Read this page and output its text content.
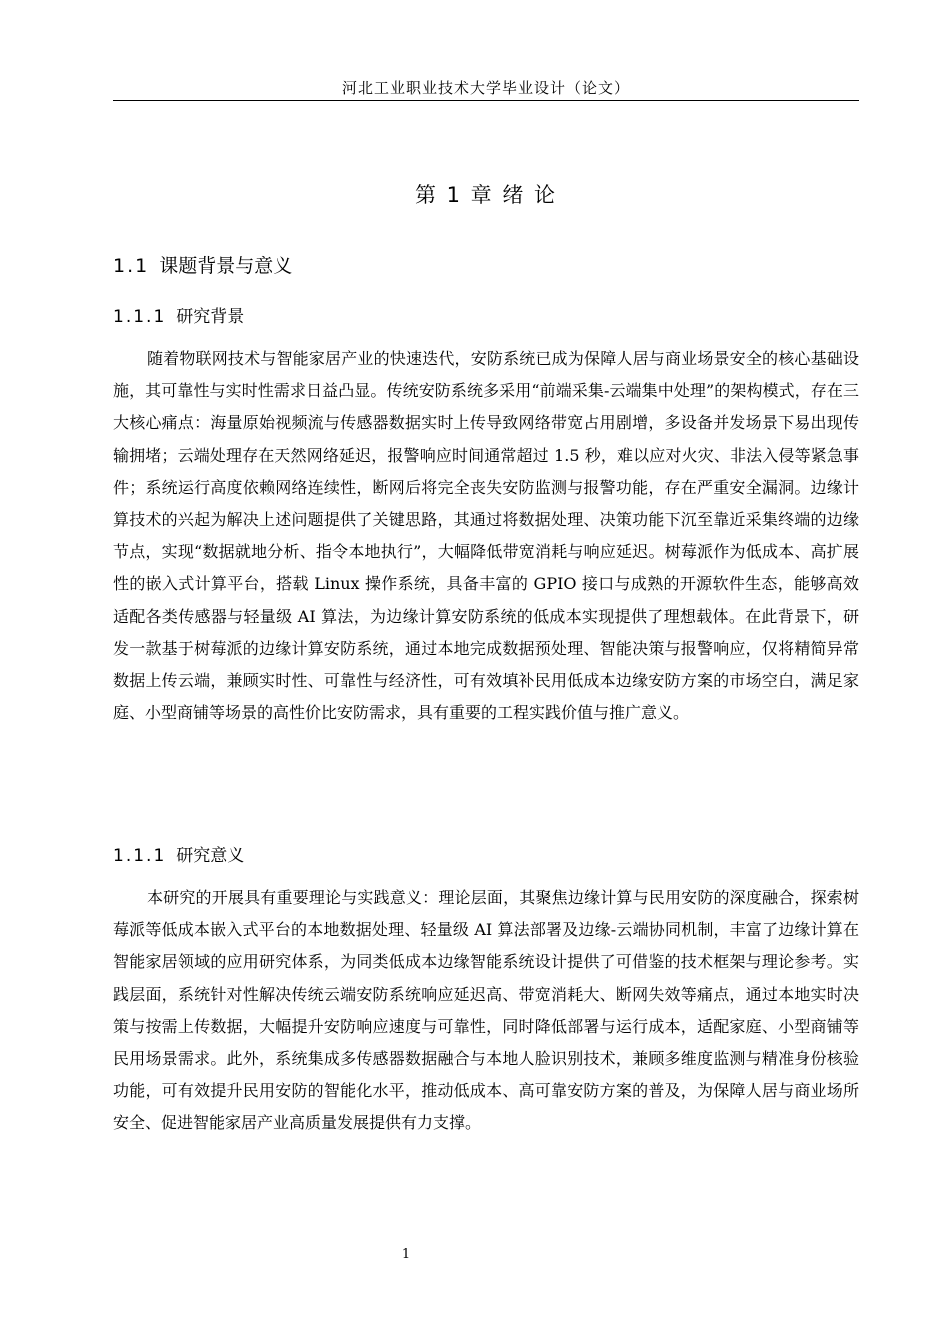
河北工业职业技术大学毕业设计（论文）
第 1 章 绪 论
1.1 课题背景与意义
1.1.1 研究背景

随着物联网技术与智能家居产业的快速迭代，安防系统已成为保障人居与商业场景安全的核心基础设施，其可靠性与实时性需求日益凸显。传统安防系统多采用“前端采集-云端集中处理”的架构模式，存在三大核心痛点：海量原始视频流与传感器数据实时上传导致网络带宽占用剧增，多设备并发场景下易出现传输拥堵；云端处理存在天然网络延迟，报警响应时间通常超过 1.5 秒，难以应对火灾、非法入侵等紧急事件；系统运行高度依赖网络连续性，断网后将完全丧失安防监测与报警功能，存在严重安全漏洞。边缘计算技术的兴起为解决上述问题提供了关键思路，其通过将数据处理、决策功能下沉至靠近采集终端的边缘节点，实现“数据就地分析、指令本地执行”，大幅降低带宽消耗与响应延迟。树莓派作为低成本、高扩展性的嵌入式计算平台，搭载 Linux 操作系统，具备丰富的 GPIO 接口与成熟的开源软件生态，能够高效适配各类传感器与轻量级 AI 算法，为边缘计算安防系统的低成本实现提供了理想载体。在此背景下，研发一款基于树莓派的边缘计算安防系统，通过本地完成数据预处理、智能决策与报警响应，仅将精简异常数据上传云端，兼顾实时性、可靠性与经济性，可有效填补民用低成本边缘安防方案的市场空白，满足家庭、小型商铺等场景的高性价比安防需求，具有重要的工程实践价值与推广意义。

1.1.1 研究意义

本研究的开展具有重要理论与实践意义：理论层面，其聚焦边缘计算与民用安防的深度融合，探索树莓派等低成本嵌入式平台的本地数据处理、轻量级 AI 算法部署及边缘-云端协同机制，丰富了边缘计算在智能家居领域的应用研究体系，为同类低成本边缘智能系统设计提供了可借鉴的技术框架与理论参考。实践层面，系统针对性解决传统云端安防系统响应延迟高、带宽消耗大、断网失效等痛点，通过本地实时决策与按需上传数据，大幅提升安防响应速度与可靠性，同时降低部署与运行成本，适配家庭、小型商铺等民用场景需求。此外，系统集成多传感器数据融合与本地人脸识别技术，兼顾多维度监测与精准身份核验功能，可有效提升民用安防的智能化水平，推动低成本、高可靠安防方案的普及，为保障人居与商业场所安全、促进智能家居产业高质量发展提供有力支撑。

1
